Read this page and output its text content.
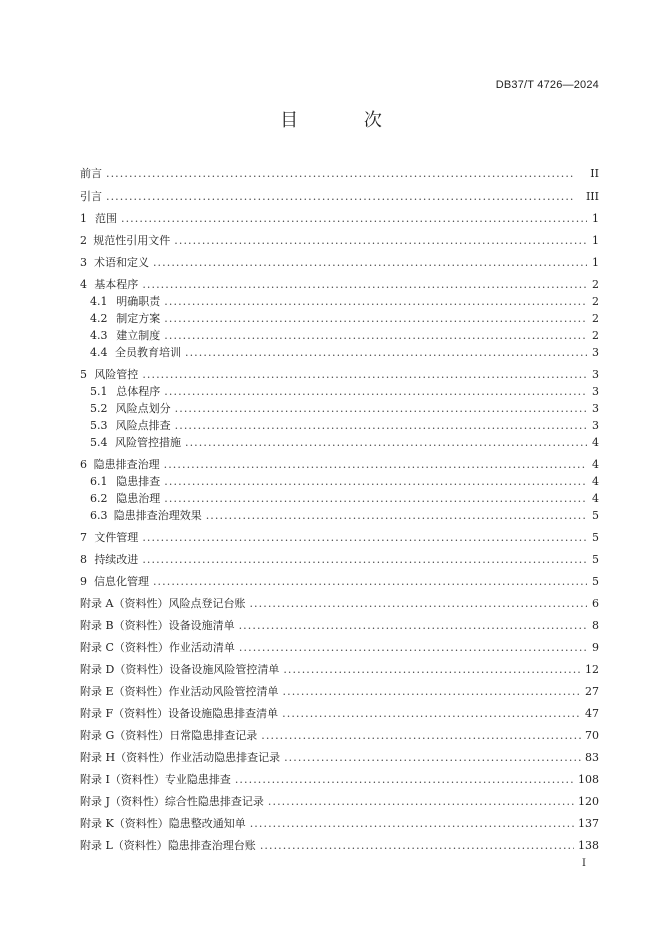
DB37/T 4726—2024
目 次
前言 . . .	II
引言 . . .	III
1 范围 . . .	1
2 规范性引用文件 . . .	1
3 术语和定义 . . .	1
4 基本程序 . . .	2
4.1 明确职责 . . .	2
4.2 制定方案 . . .	2
4.3 建立制度 . . .	2
4.4 全员教育培训 . . .	3
5 风险管控 . . .	3
5.1 总体程序 . . .	3
5.2 风险点划分 . . .	3
5.3 风险点排查 . . .	3
5.4 风险管控措施 . . .	4
6 隐患排查治理 . . .	4
6.1 隐患排查 . . .	4
6.2 隐患治理 . . .	4
6.3 隐患排查治理效果 . . .	5
7 文件管理 . . .	5
8 持续改进 . . .	5
9 信息化管理 . . .	5
附录 A（资料性） 风险点登记台账 . . .	6
附录 B（资料性） 设备设施清单 . . .	8
附录 C（资料性） 作业活动清单 . . .	9
附录 D（资料性） 设备设施风险管控清单 . . .	12
附录 E（资料性） 作业活动风险管控清单 . . .	27
附录 F（资料性） 设备设施隐患排查清单 . . .	47
附录 G（资料性） 日常隐患排查记录 . . .	70
附录 H（资料性） 作业活动隐患排查记录 . . .	83
附录 I（资料性） 专业隐患排查 . . .	108
附录 J（资料性） 综合性隐患排查记录 . . .	120
附录 K（资料性） 隐患整改通知单 . . .	137
附录 L（资料性） 隐患排查治理台账 . . .	138
I
